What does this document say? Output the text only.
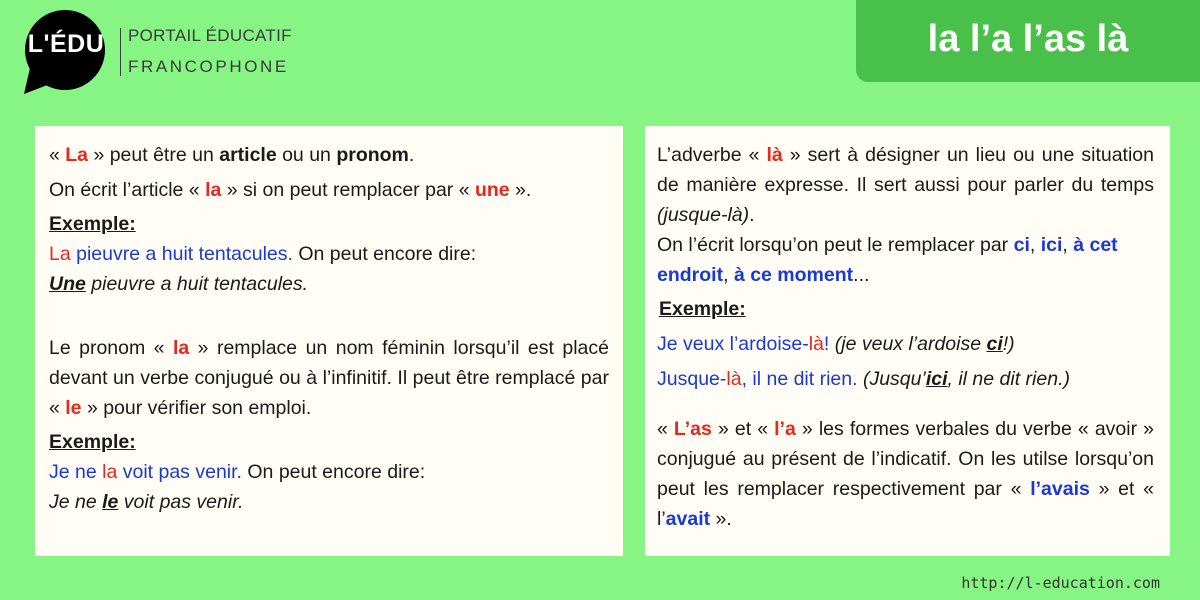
L'ÉDU PORTAIL ÉDUCATIF
FRANCOPHONE
la l’a l’as là

« La » peut être un article ou un pronom.

On écrit l’article « la » si on peut remplacer par « une ».

Exemple:

La pieuvre a huit tentacules. On peut encore dire:

Une pieuvre a huit tentacules.

Le pronom « la » remplace un nom féminin lorsqu’il est placé devant un verbe conjugué ou à l’infinitif. Il peut être remplacé par « le » pour vérifier son emploi.

Exemple:

Je ne la voit pas venir. On peut encore dire:

Je ne le voit pas venir.

L’adverbe « là » sert à désigner un lieu ou une situation de manière expresse. Il sert aussi pour parler du temps (jusque-là).

On l’écrit lorsqu’on peut le remplacer par ci, ici, à cet endroit, à ce moment...

Exemple:

Je veux l’ardoise-là! (je veux l’ardoise ci!)

Jusque-là, il ne dit rien. (Jusqu’ici, il ne dit rien.)

« L’as » et « l’a » les formes verbales du verbe « avoir » conjugué au présent de l’indicatif. On les utilse lorsqu’on peut les remplacer respectivement par « l’avais » et « l’avait ».

http://l-education.com
